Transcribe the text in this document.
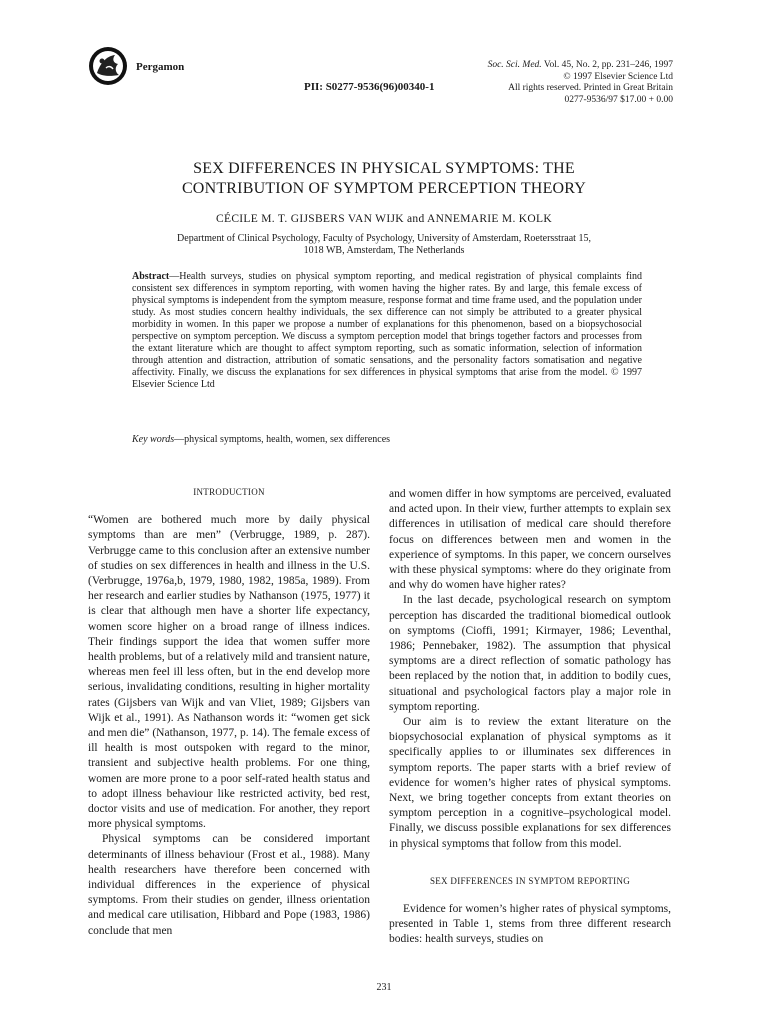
Pergamon
PII: S0277-9536(96)00340-1
Soc. Sci. Med. Vol. 45, No. 2, pp. 231–246, 1997
© 1997 Elsevier Science Ltd
All rights reserved. Printed in Great Britain
0277-9536/97 $17.00 + 0.00
SEX DIFFERENCES IN PHYSICAL SYMPTOMS: THE
CONTRIBUTION OF SYMPTOM PERCEPTION THEORY
CÉCILE M. T. GIJSBERS VAN WIJK and ANNEMARIE M. KOLK
Department of Clinical Psychology, Faculty of Psychology, University of Amsterdam, Roetersstraat 15,
1018 WB, Amsterdam, The Netherlands
Abstract—Health surveys, studies on physical symptom reporting, and medical registration of physical complaints find consistent sex differences in symptom reporting, with women having the higher rates. By and large, this female excess of physical symptoms is independent from the symptom measure, response format and time frame used, and the population under study. As most studies concern healthy individuals, the sex difference can not simply be attributed to a greater physical morbidity in women. In this paper we propose a number of explanations for this phenomenon, based on a biopsychosocial perspective on symptom perception. We discuss a symptom perception model that brings together factors and processes from the extant literature which are thought to affect symptom reporting, such as somatic information, selection of information through attention and distraction, attribution of somatic sensations, and the personality factors somatisation and negative affectivity. Finally, we discuss the explanations for sex differences in physical symptoms that arise from the model. © 1997 Elsevier Science Ltd
Key words—physical symptoms, health, women, sex differences
INTRODUCTION

“Women are bothered much more by daily physical symptoms than are men” (Verbrugge, 1989, p. 287). Verbrugge came to this conclusion after an extensive number of studies on sex differences in health and illness in the U.S. (Verbrugge, 1976a,b, 1979, 1980, 1982, 1985a, 1989). From her research and earlier studies by Nathanson (1975, 1977) it is clear that although men have a shorter life expectancy, women score higher on a broad range of illness indices. Their findings support the idea that women suffer more health problems, but of a relatively mild and transient nature, whereas men feel ill less often, but in the end develop more serious, invalidating conditions, resulting in higher mortality rates (Gijsbers van Wijk and van Vliet, 1989; Gijsbers van Wijk et al., 1991). As Nathanson words it: “women get sick and men die” (Nathanson, 1977, p. 14). The female excess of ill health is most outspoken with regard to the minor, transient and subjective health problems. For one thing, women are more prone to a poor self-rated health status and to adopt illness behaviour like restricted activity, bed rest, doctor visits and use of medication. For another, they report more physical symptoms.

Physical symptoms can be considered important determinants of illness behaviour (Frost et al., 1988). Many health researchers have therefore been concerned with individual differences in the experience of physical symptoms. From their studies on gender, illness orientation and medical care utilisation, Hibbard and Pope (1983, 1986) conclude that men

and women differ in how symptoms are perceived, evaluated and acted upon. In their view, further attempts to explain sex differences in utilisation of medical care should therefore focus on differences between men and women in the experience of symptoms. In this paper, we concern ourselves with these physical symptoms: where do they originate from and why do women have higher rates?

In the last decade, psychological research on symptom perception has discarded the traditional biomedical outlook on symptoms (Cioffi, 1991; Kirmayer, 1986; Leventhal, 1986; Pennebaker, 1982). The assumption that physical symptoms are a direct reflection of somatic pathology has been replaced by the notion that, in addition to bodily cues, situational and psychological factors play a major role in symptom reporting.

Our aim is to review the extant literature on the biopsychosocial explanation of physical symptoms as it specifically applies to or illuminates sex differences in symptom reports. The paper starts with a brief review of evidence for women’s higher rates of physical symptoms. Next, we bring together concepts from extant theories on symptom perception in a cognitive–psychological model. Finally, we discuss possible explanations for sex differences in physical symptoms that follow from this model.

SEX DIFFERENCES IN SYMPTOM REPORTING

Evidence for women’s higher rates of physical symptoms, presented in Table 1, stems from three different research bodies: health surveys, studies on

231
